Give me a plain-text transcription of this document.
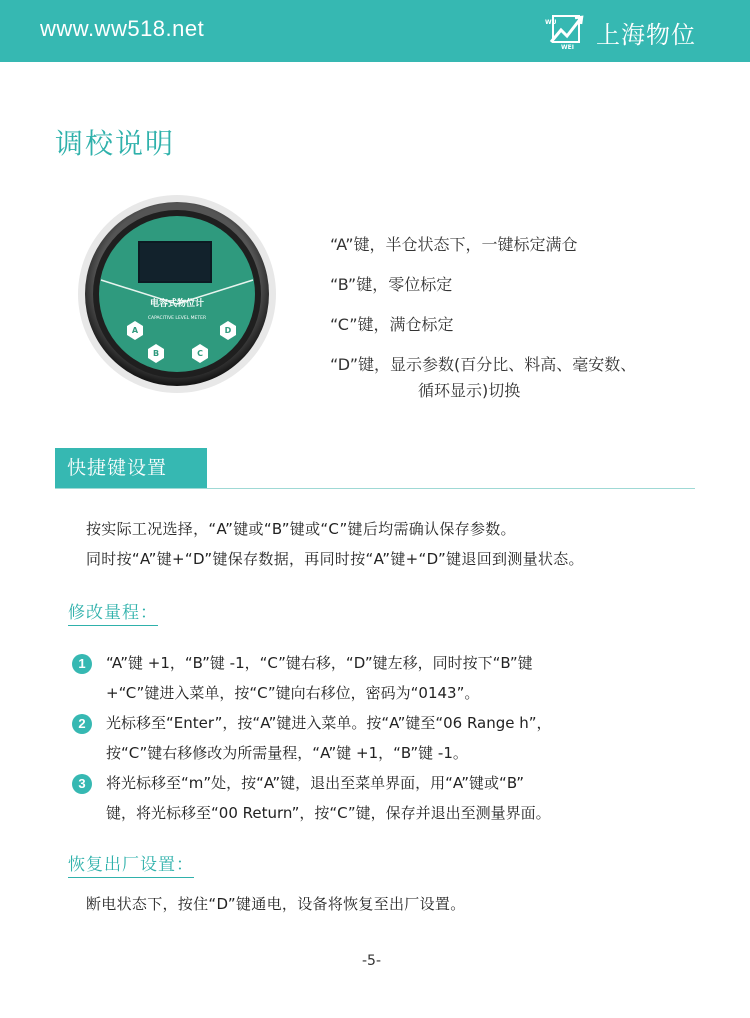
www.ww518.net	WU
WEI 上海物位
调校说明
电容式物位计
CAPACITIVE LEVEL METER
A	D
B	C
“A”键，半仓状态下，一键标定满仓
“B”键，零位标定
“C”键，满仓标定
“D”键，显示参数(百分比、料高、毫安数、
循环显示)切换
快捷键设置
按实际工况选择，“A”键或“B”键或“C”键后均需确认保存参数。
同时按“A”键+“D”键保存数据，再同时按“A”键+“D”键退回到测量状态。
修改量程：
1	“A”键 +1，“B”键 -1，“C”键右移，“D”键左移，同时按下“B”键
+“C”键进入菜单，按“C”键向右移位，密码为“0143”。
2	光标移至“Enter”，按“A”键进入菜单。按“A”键至“06 Range h”，
按“C”键右移修改为所需量程，“A”键 +1，“B”键 -1。
3	将光标移至“m”处，按“A”键，退出至菜单界面，用“A”键或“B”
键，将光标移至“00 Return”，按“C”键，保存并退出至测量界面。
恢复出厂设置：
断电状态下，按住“D”键通电，设备将恢复至出厂设置。
-5-
